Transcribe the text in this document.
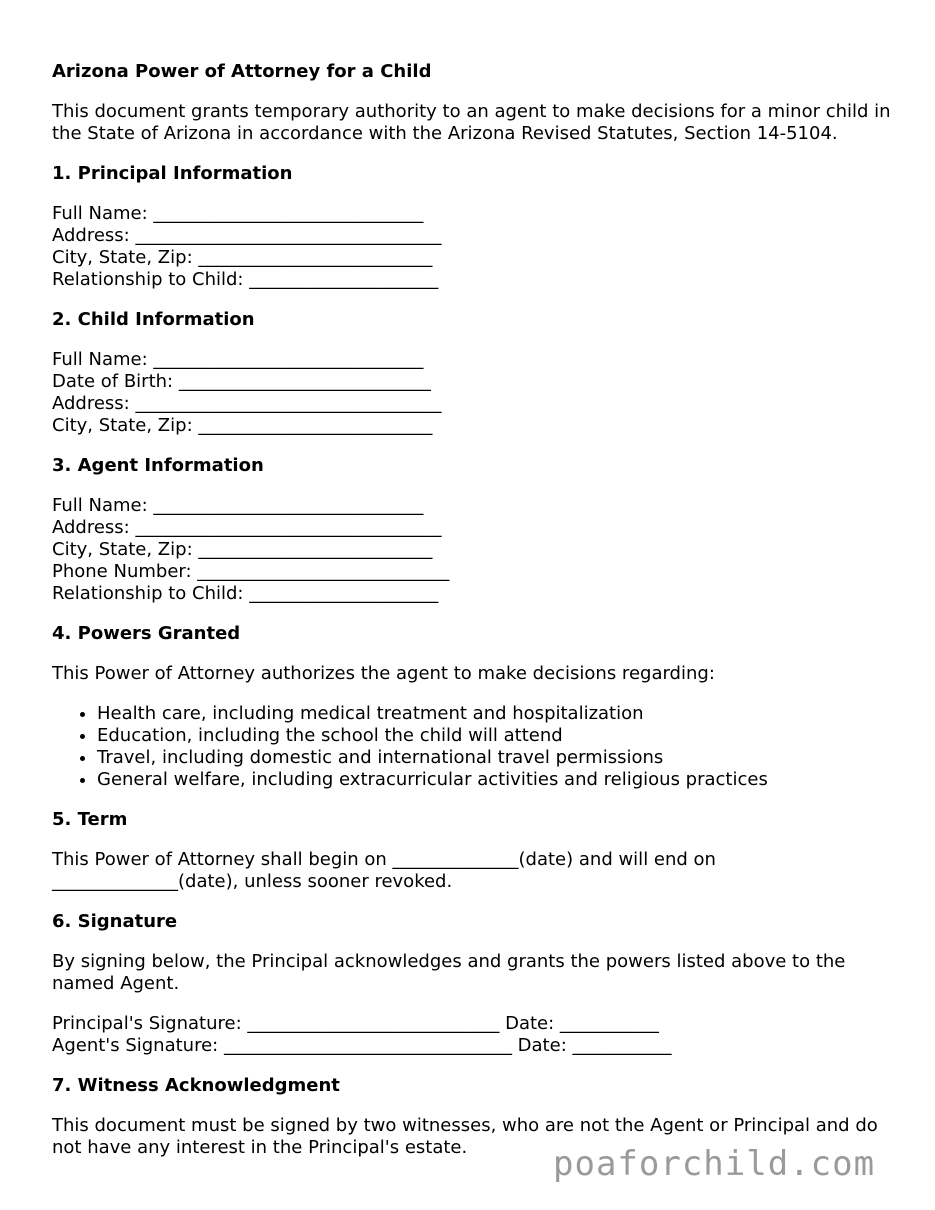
Arizona Power of Attorney for a Child

This document grants temporary authority to an agent to make decisions for a minor child in the State of Arizona in accordance with the Arizona Revised Statutes, Section 14-5104.

1. Principal Information
Full Name: ______________________________
Address: __________________________________
City, State, Zip: __________________________
Relationship to Child: _____________________
2. Child Information
Full Name: ______________________________
Date of Birth: ____________________________
Address: __________________________________
City, State, Zip: __________________________
3. Agent Information
Full Name: ______________________________
Address: __________________________________
City, State, Zip: __________________________
Phone Number: ____________________________
Relationship to Child: _____________________
4. Powers Granted

This Power of Attorney authorizes the agent to make decisions regarding:

• Health care, including medical treatment and hospitalization
• Education, including the school the child will attend
• Travel, including domestic and international travel permissions
• General welfare, including extracurricular activities and religious practices
5. Term

This Power of Attorney shall begin on ______________(date) and will end on ______________(date), unless sooner revoked.

6. Signature

By signing below, the Principal acknowledges and grants the powers listed above to the named Agent.

Principal's Signature: ____________________________ Date: ___________
Agent's Signature: ________________________________ Date: ___________
7. Witness Acknowledgment

This document must be signed by two witnesses, who are not the Agent or Principal and do not have any interest in the Principal's estate.	poaforchild.com
